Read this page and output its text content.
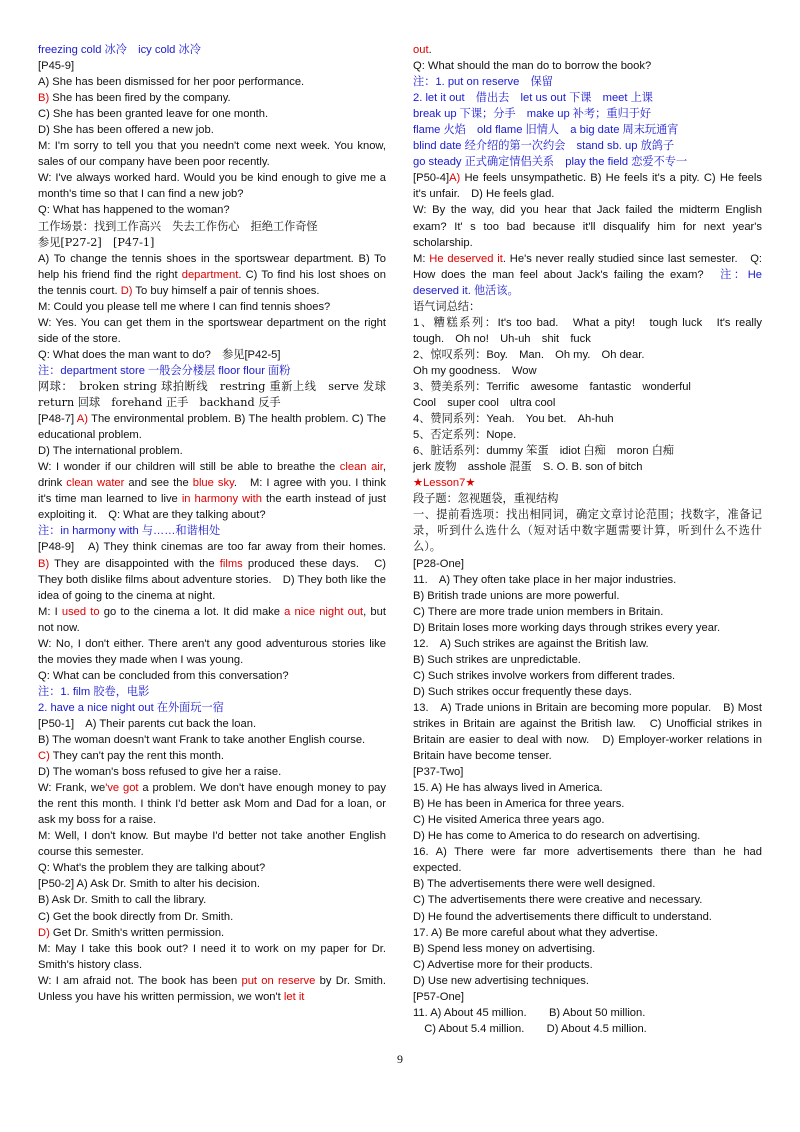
freezing cold 冰冷　icy cold 冰冷

[P45-9]

A) She has been dismissed for her poor performance.

B) She has been fired by the company.

C) She has been granted leave for one month.

D) She has been offered a new job.

M: I'm sorry to tell you that you needn't come next week. You know, sales of our company have been poor recently.

W: I've always worked hard. Would you be kind enough to give me a month's time so that I can find a new job?

Q: What has happened to the woman?

工作场景：找到工作高兴　失去工作伤心　拒绝工作奇怪

参见[P27-2]　[P47-1]

A) To change the tennis shoes in the sportswear department. B) To help his friend find the right department. C) To find his lost shoes on the tennis court. D) To buy himself a pair of tennis shoes.

M: Could you please tell me where I can find tennis shoes?

W: Yes. You can get them in the sportswear department on the right side of the store.

Q: What does the man want to do?　参见[P42-5]

注：department store 一般会分楼层 floor flour 面粉

网球：　broken string 球拍断线　restring 重新上线　serve 发球　return 回球　forehand 正手　backhand 反手

[P48-7] A) The environmental problem. B) The health problem. C) The educational problem.

D) The international problem.

W: I wonder if our children will still be able to breathe the clean air, drink clean water and see the blue sky.　M: I agree with you. I think it's time man learned to live in harmony with the earth instead of just exploiting it.　Q: What are they talking about?

注：in harmony with 与……和谐相处

[P48-9]　A) They think cinemas are too far away from their homes.　B) They are disappointed with the films produced these days.　C) They both dislike films about adventure stories.　D) They both like the idea of going to the cinema at night.

M: I used to go to the cinema a lot. It did make a nice night out, but not now.

W: No, I don't either. There aren't any good adventurous stories like the movies they made when I was young.

Q: What can be concluded from this conversation?

注：1. film 胶卷，电影

2. have a nice night out 在外面玩一宿

[P50-1]　A) Their parents cut back the loan.

B) The woman doesn't want Frank to take another English course.

C) They can't pay the rent this month.

D) The woman's boss refused to give her a raise.

W: Frank, we've got a problem. We don't have enough money to pay the rent this month. I think I'd better ask Mom and Dad for a loan, or ask my boss for a raise.

M: Well, I don't know. But maybe I'd better not take another English course this semester.

Q: What's the problem they are talking about?

[P50-2] A) Ask Dr. Smith to alter his decision.

B) Ask Dr. Smith to call the library.

C) Get the book directly from Dr. Smith.

D) Get Dr. Smith's written permission.

M: May I take this book out? I need it to work on my paper for Dr. Smith's history class.

W: I am afraid not. The book has been put on reserve by Dr. Smith. Unless you have his written permission, we won't let it

out.

Q: What should the man do to borrow the book?

注：1. put on reserve　保留

2. let it out　借出去　let us out 下课　meet 上课

break up 下课；分手　make up 补考；重归于好

flame 火焰　old flame 旧情人　a big date 周末玩通宵

blind date 经介绍的第一次约会　stand sb. up 放鸽子

go steady 正式确定情侣关系　play the field 恋爱不专一

[P50-4]A) He feels unsympathetic. B) He feels it's a pity. C) He feels it's unfair.　D) He feels glad.

W: By the way, did you hear that Jack failed the midterm English exam? It' s too bad because it'll disqualify him for next year's scholarship.

M: He deserved it. He's never really studied since last semester.　Q: How does the man feel about Jack's failing the exam?　注：He deserved it. 他活该。

语气词总结：

1、糟糕系列：It's too bad.　What a pity!　tough luck　It's really tough.　Oh no!　Uh-uh　shit　fuck

2、惊叹系列：Boy.　Man.　Oh my.　Oh dear.

Oh my goodness.　Wow

3、赞美系列：Terrific　awesome　fantastic　wonderful

Cool　super cool　ultra cool

4、赞同系列：Yeah.　You bet.　Ah-huh

5、否定系列：Nope.

6、脏话系列：dummy 笨蛋　idiot 白痴　moron 白痴

jerk 废物　asshole 混蛋　S. O. B. son of bitch

★Lesson7★

段子题：忽视题袋，重视结构

一、提前看选项：找出相同词，确定文章讨论范围；找数字，准备记录，听到什么选什么（短对话中数字题需要计算，听到什么不选什么）。

[P28-One]

11.　A) They often take place in her major industries.

B) British trade unions are more powerful.

C) There are more trade union members in Britain.

D) Britain loses more working days through strikes every year.

12.　A) Such strikes are against the British law.

B) Such strikes are unpredictable.

C) Such strikes involve workers from different trades.

D) Such strikes occur frequently these days.

13.　A) Trade unions in Britain are becoming more popular.　B) Most strikes in Britain are against the British law.　C) Unofficial strikes in Britain are easier to deal with now.　D) Employer-worker relations in Britain have become tenser.

[P37-Two]

15. A) He has always lived in America.

B) He has been in America for three years.

C) He visited America three years ago.

D) He has come to America to do research on advertising.

16. A) There were far more advertisements there than he had expected.

B) The advertisements there were well designed.

C) The advertisements there were creative and necessary.

D) He found the advertisements there difficult to understand.

17. A) Be more careful about what they advertise.

B) Spend less money on advertising.

C) Advertise more for their products.

D) Use new advertising techniques.

[P57-One]

11. A) About 45 million.　　B) About 50 million.

　C) About 5.4 million.　　D) About 4.5 million.

9
